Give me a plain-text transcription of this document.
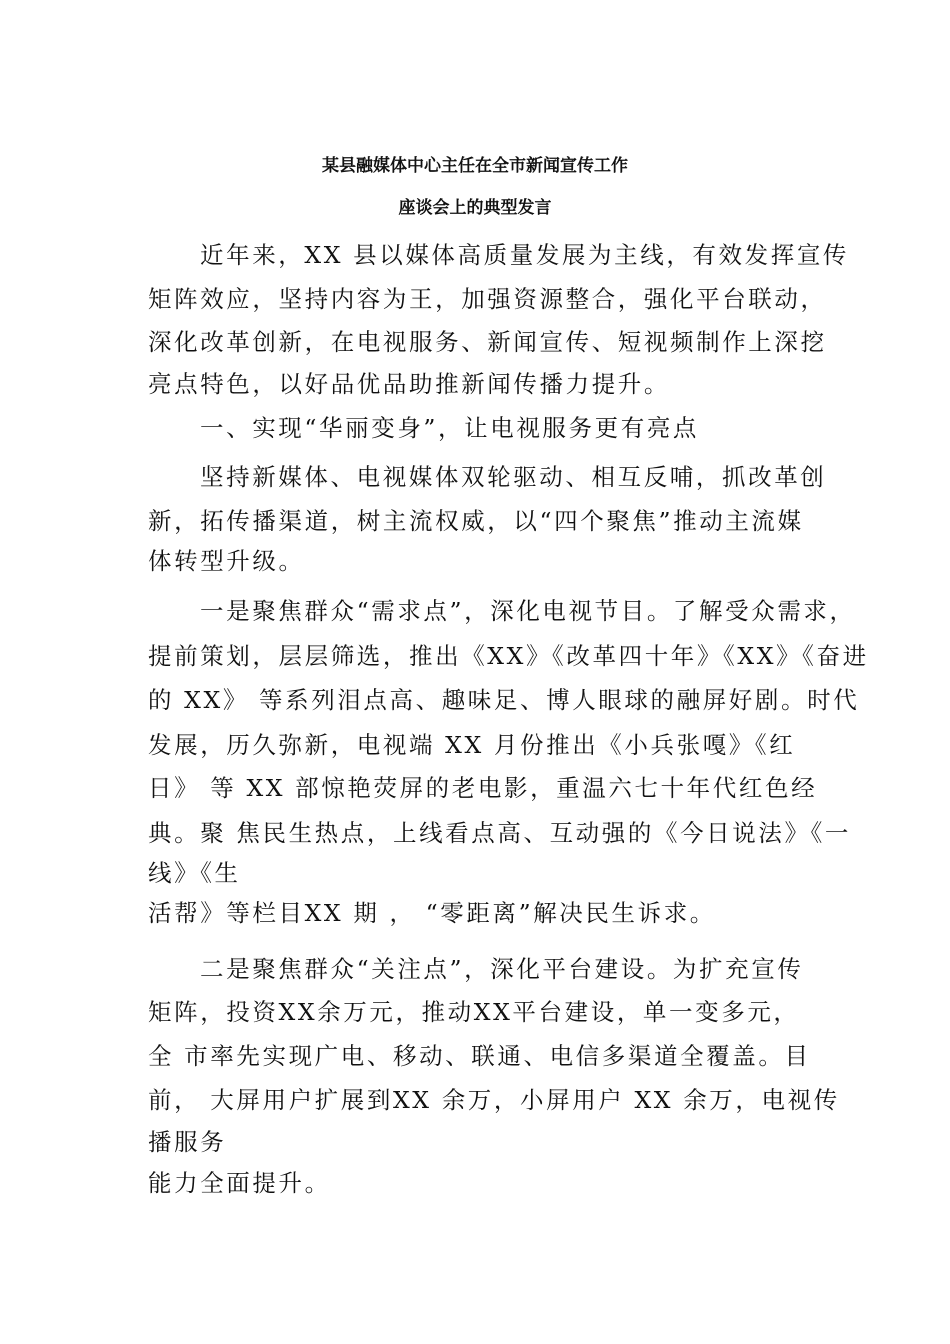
某县融媒体中心主任在全市新闻宣传工作
座谈会上的典型发言
近年来，XX 县以媒体高质量发展为主线，有效发挥宣传
矩阵效应，坚持内容为王，加强资源整合，强化平台联动，
深化改革创新，在电视服务、新闻宣传、短视频制作上深挖
亮点特色，以好品优品助推新闻传播力提升。
一、实现“华丽变身”，让电视服务更有亮点
坚持新媒体、电视媒体双轮驱动、相互反哺，抓改革创
新，拓传播渠道，树主流权威，以“四个聚焦”推动主流媒
体转型升级。
一是聚焦群众“需求点”，深化电视节目。了解受众需求，
提前策划，层层筛选，推出《XX》《改革四十年》《XX》《奋进
的 XX》 等系列泪点高、趣味足、博人眼球的融屏好剧。时代
发展，历久弥新，电视端 XX 月份推出《小兵张嘎》《红
日》 等 XX 部惊艳荧屏的老电影，重温六七十年代红色经
典。聚 焦民生热点，上线看点高、互动强的《今日说法》《一
线》《生
活帮》等栏目XX 期 ， “零距离”解决民生诉求。
二是聚焦群众“关注点”，深化平台建设。为扩充宣传
矩阵，投资XX余万元，推动XX平台建设，单一变多元，
全 市率先实现广电、移动、联通、电信多渠道全覆盖。目
前， 大屏用户扩展到XX 余万，小屏用户 XX 余万，电视传
播服务
能力全面提升。
